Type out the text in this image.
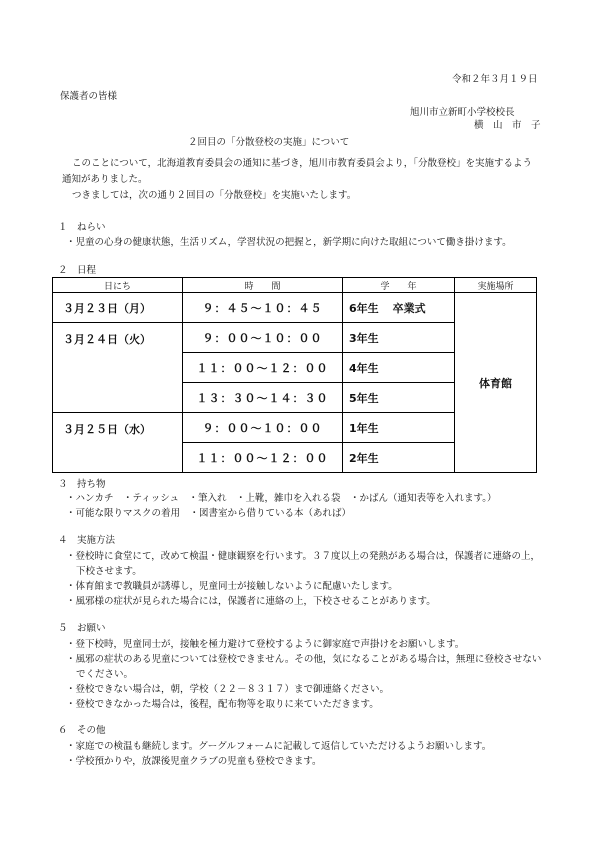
令和２年３月１９日
保護者の皆様
旭川市立新町小学校校長
横　山　市　子
２回目の「分散登校の実施」について
このことについて，北海道教育委員会の通知に基づき，旭川市教育委員会より，「分散登校」を実施するよう通知がありました。
つきましては，次の通り２回目の「分散登校」を実施いたします。
１　ねらい
・児童の心身の健康状態，生活リズム，学習状況の把握と，新学期に向けた取組について働き掛けます。
２　日程
日にち	時　　間	学　　年	実施場所
３月２３日（月）	９：４５～１０：４５	6年生 卒業式	体育館
３月２４日（火）	９：００～１０：００	3年生	
	１１：００～１２：００	4年生	
	１３：３０～１４：３０	5年生	
３月２５日（水）	９：００～１０：００	1年生	
	１１：００～１２：００	2年生	
３　持ち物
・ハンカチ　・ティッシュ　・筆入れ　・上靴，雑巾を入れる袋　・かばん（通知表等を入れます。）
・可能な限りマスクの着用　・図書室から借りている本（あれば）
４　実施方法
・登校時に食堂にて，改めて検温・健康観察を行います。３７度以上の発熱がある場合は，保護者に連絡の上，
下校させます。
・体育館まで教職員が誘導し，児童同士が接触しないように配慮いたします。
・風邪様の症状が見られた場合には，保護者に連絡の上，下校させることがあります。
５　お願い
・登下校時，児童同士が，接触を極力避けて登校するように御家庭で声掛けをお願いします。
・風邪の症状のある児童については登校できません。その他，気になることがある場合は，無理に登校させない
でください。
・登校できない場合は，朝，学校（２２－８３１７）まで御連絡ください。
・登校できなかった場合は，後程，配布物等を取りに来ていただきます。
６　その他
・家庭での検温も継続します。グーグルフォームに記載して返信していただけるようお願いします。
・学校預かりや，放課後児童クラブの児童も登校できます。
